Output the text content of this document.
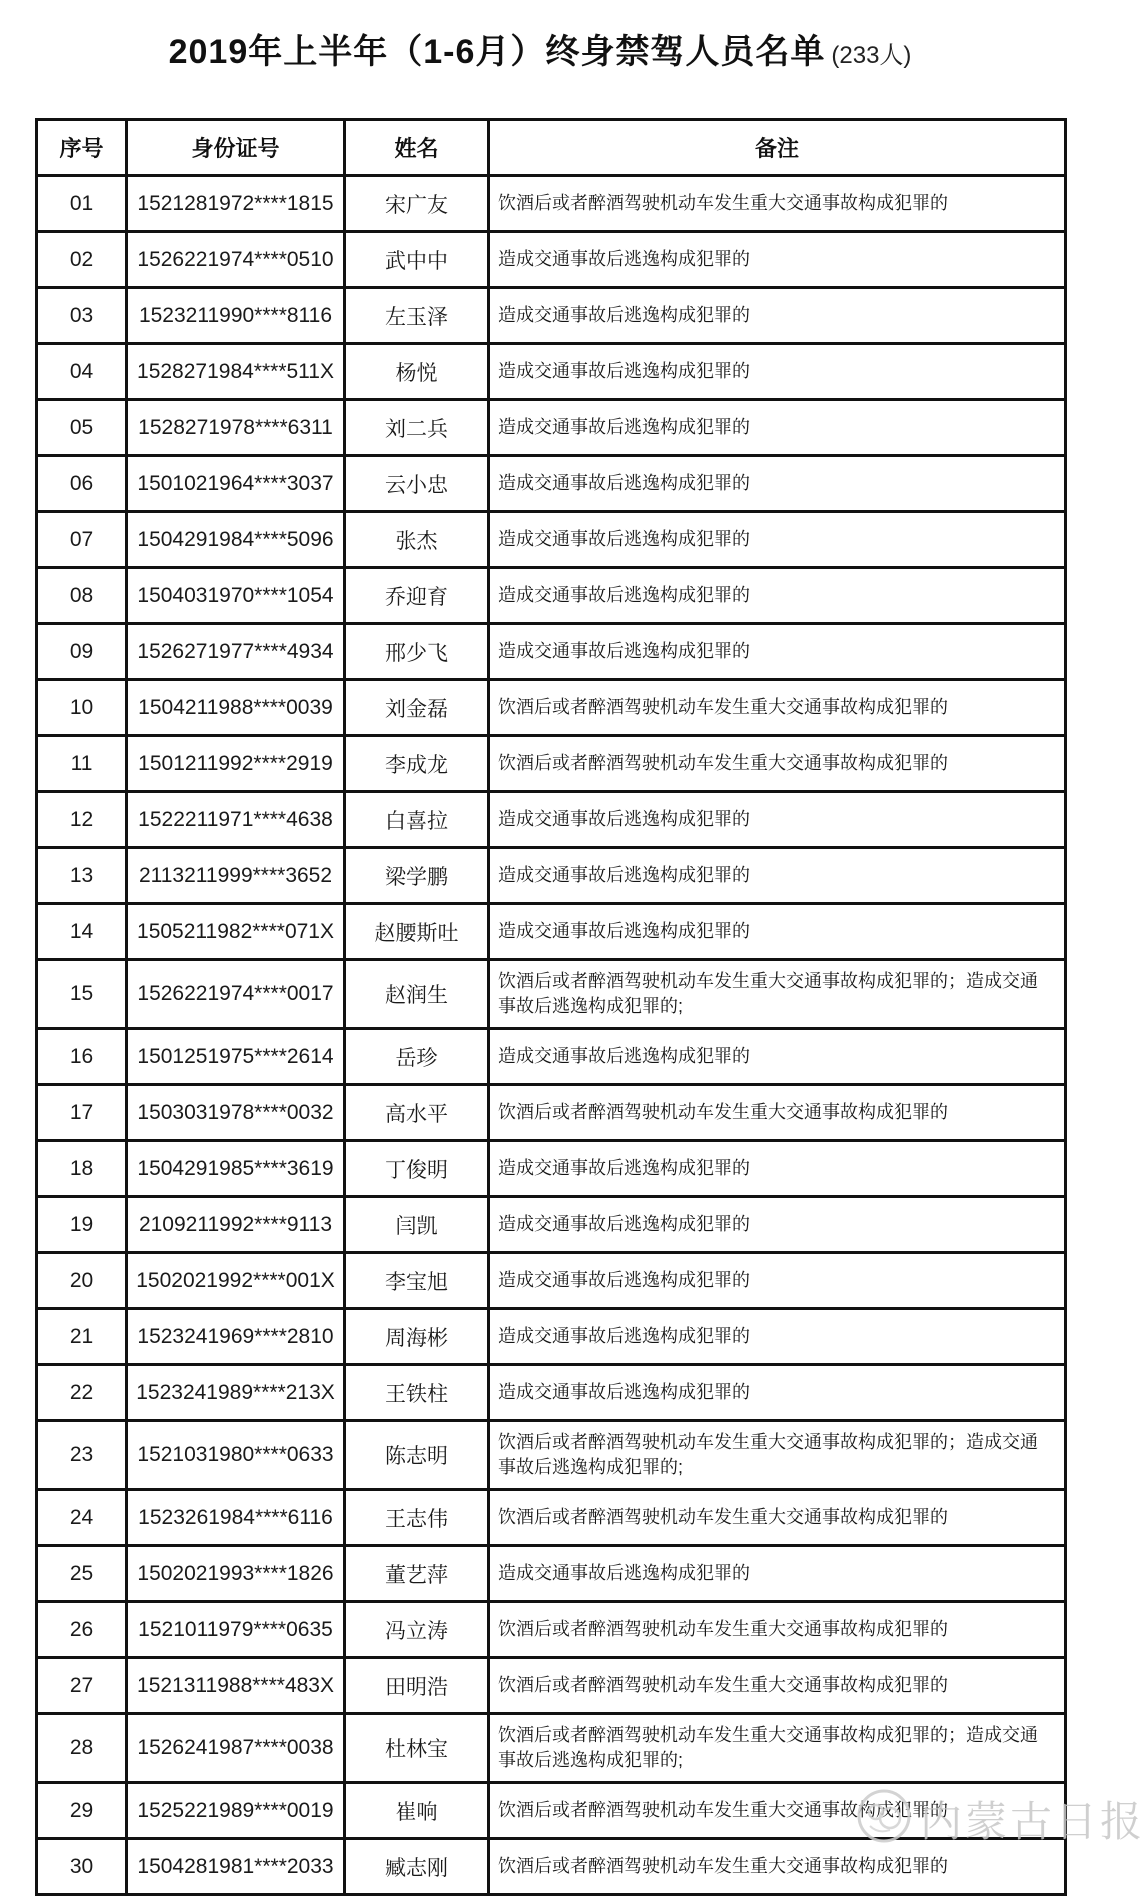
2019年上半年（1-6月）终身禁驾人员名单 (233人)
序号	身份证号	姓名	备注
01	1521281972****1815	宋广友	饮酒后或者醉酒驾驶机动车发生重大交通事故构成犯罪的
02	1526221974****0510	武中中	造成交通事故后逃逸构成犯罪的
03	1523211990****8116	左玉泽	造成交通事故后逃逸构成犯罪的
04	1528271984****511X	杨悦	造成交通事故后逃逸构成犯罪的
05	1528271978****6311	刘二兵	造成交通事故后逃逸构成犯罪的
06	1501021964****3037	云小忠	造成交通事故后逃逸构成犯罪的
07	1504291984****5096	张杰	造成交通事故后逃逸构成犯罪的
08	1504031970****1054	乔迎育	造成交通事故后逃逸构成犯罪的
09	1526271977****4934	邢少飞	造成交通事故后逃逸构成犯罪的
10	1504211988****0039	刘金磊	饮酒后或者醉酒驾驶机动车发生重大交通事故构成犯罪的
11	1501211992****2919	李成龙	饮酒后或者醉酒驾驶机动车发生重大交通事故构成犯罪的
12	1522211971****4638	白喜拉	造成交通事故后逃逸构成犯罪的
13	2113211999****3652	梁学鹏	造成交通事故后逃逸构成犯罪的
14	1505211982****071X	赵腰斯吐	造成交通事故后逃逸构成犯罪的
15	1526221974****0017	赵润生	饮酒后或者醉酒驾驶机动车发生重大交通事故构成犯罪的；造成交通事故后逃逸构成犯罪的;
16	1501251975****2614	岳珍	造成交通事故后逃逸构成犯罪的
17	1503031978****0032	高水平	饮酒后或者醉酒驾驶机动车发生重大交通事故构成犯罪的
18	1504291985****3619	丁俊明	造成交通事故后逃逸构成犯罪的
19	2109211992****9113	闫凯	造成交通事故后逃逸构成犯罪的
20	1502021992****001X	李宝旭	造成交通事故后逃逸构成犯罪的
21	1523241969****2810	周海彬	造成交通事故后逃逸构成犯罪的
22	1523241989****213X	王铁柱	造成交通事故后逃逸构成犯罪的
23	1521031980****0633	陈志明	饮酒后或者醉酒驾驶机动车发生重大交通事故构成犯罪的；造成交通事故后逃逸构成犯罪的;
24	1523261984****6116	王志伟	饮酒后或者醉酒驾驶机动车发生重大交通事故构成犯罪的
25	1502021993****1826	董艺萍	造成交通事故后逃逸构成犯罪的
26	1521011979****0635	冯立涛	饮酒后或者醉酒驾驶机动车发生重大交通事故构成犯罪的
27	1521311988****483X	田明浩	饮酒后或者醉酒驾驶机动车发生重大交通事故构成犯罪的
28	1526241987****0038	杜林宝	饮酒后或者醉酒驾驶机动车发生重大交通事故构成犯罪的；造成交通事故后逃逸构成犯罪的;
29	1525221989****0019	崔响	饮酒后或者醉酒驾驶机动车发生重大交通事故构成犯罪的
30	1504281981****2033	臧志刚	饮酒后或者醉酒驾驶机动车发生重大交通事故构成犯罪的
内蒙古日报
